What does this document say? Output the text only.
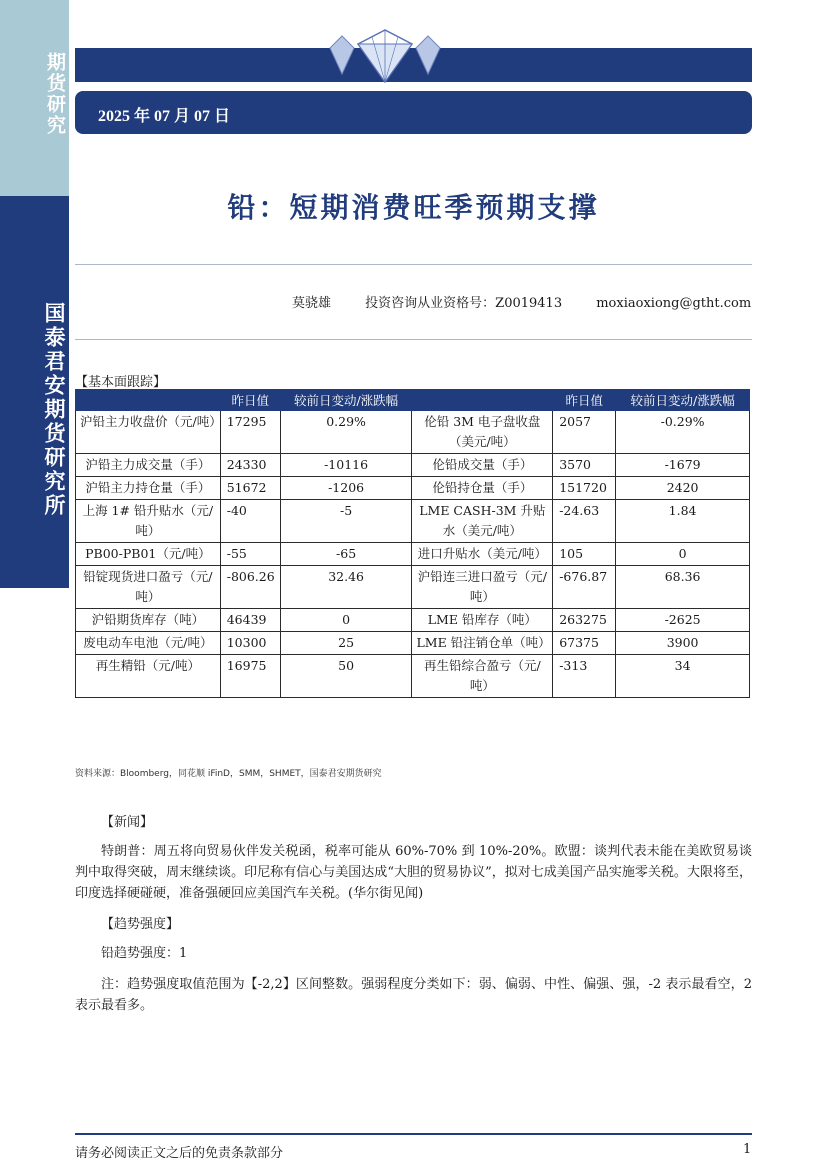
期货研究
国泰君安期货研究所
2025 年 07 月 07 日
铅：短期消费旺季预期支撑
莫骁雄	投资咨询从业资格号：Z0019413	moxiaoxiong@gtht.com
【基本面跟踪】
	昨日值	较前日变动/涨跌幅		昨日值	较前日变动/涨跌幅
沪铅主力收盘价（元/吨）	17295	0.29%	伦铅 3M 电子盘收盘（美元/吨）	2057	-0.29%
沪铅主力成交量（手）	24330	-10116	伦铅成交量（手）	3570	-1679
沪铅主力持仓量（手）	51672	-1206	伦铅持仓量（手）	151720	2420
上海 1# 铅升贴水（元/吨）	-40	-5	LME CASH-3M 升贴水（美元/吨）	-24.63	1.84
PB00-PB01（元/吨）	-55	-65	进口升贴水（美元/吨）	105	0
铅锭现货进口盈亏（元/吨）	-806.26	32.46	沪铅连三进口盈亏（元/吨）	-676.87	68.36
沪铅期货库存（吨）	46439	0	LME 铅库存（吨）	263275	-2625
废电动车电池（元/吨）	10300	25	LME 铅注销仓单（吨）	67375	3900
再生精铅（元/吨）	16975	50	再生铅综合盈亏（元/吨）	-313	34
资料来源：Bloomberg，同花顺 iFinD，SMM，SHMET，国泰君安期货研究
【新闻】
特朗普：周五将向贸易伙伴发关税函，税率可能从 60%-70% 到 10%-20%。欧盟：谈判代表未能在美欧贸易谈判中取得突破，周末继续谈。印尼称有信心与美国达成“大胆的贸易协议”，拟对七成美国产品实施零关税。大限将至，印度选择硬碰硬，准备强硬回应美国汽车关税。(华尔街见闻)
【趋势强度】
铅趋势强度：1
注：趋势强度取值范围为【-2,2】区间整数。强弱程度分类如下：弱、偏弱、中性、偏强、强，-2 表示最看空，2 表示最看多。
请务必阅读正文之后的免责条款部分	1
